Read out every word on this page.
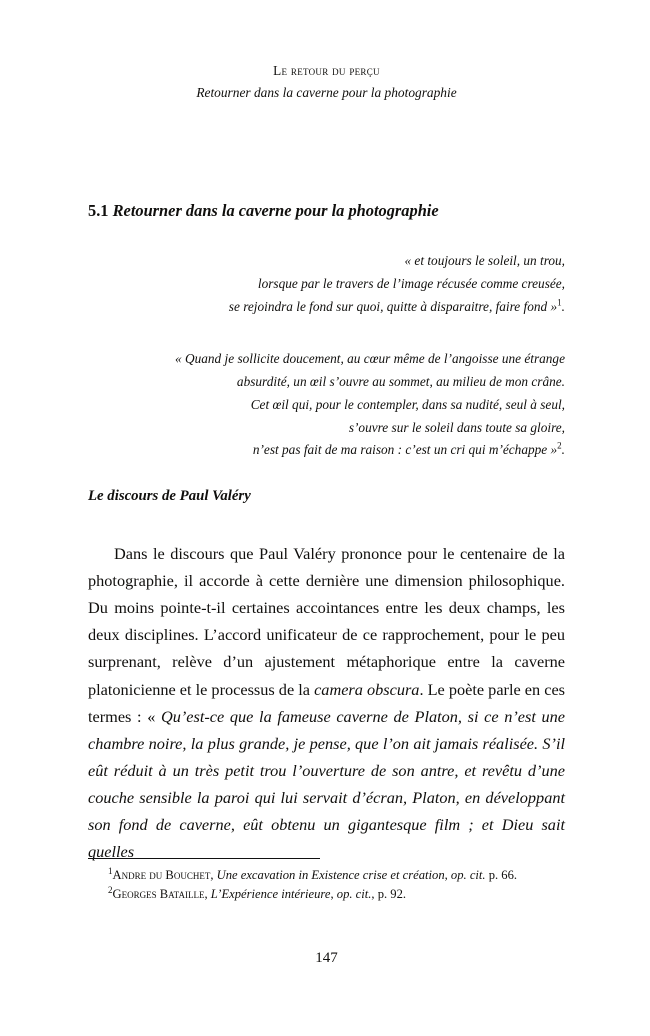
Le retour du perçu
Retourner dans la caverne pour la photographie
5.1 Retourner dans la caverne pour la photographie
« et toujours le soleil, un trou,
lorsque par le travers de l’image récusée comme creusée,
se rejoindra le fond sur quoi, quitte à disparaitre, faire fond »$^1$.
« Quand je sollicite doucement, au cœur même de l’angoisse une étrange
absurdité, un œil s’ouvre au sommet, au milieu de mon crâne.
Cet œil qui, pour le contempler, dans sa nudité, seul à seul,
s’ouvre sur le soleil dans toute sa gloire,
n’est pas fait de ma raison : c’est un cri qui m’échappe »$^2$.
Le discours de Paul Valéry

Dans le discours que Paul Valéry prononce pour le centenaire de la photographie, il accorde à cette dernière une dimension philosophique. Du moins pointe-t-il certaines accointances entre les deux champs, les deux disciplines. L’accord unificateur de ce rapprochement, pour le peu surprenant, relève d’un ajustement métaphorique entre la caverne platonicienne et le processus de la camera obscura. Le poète parle en ces termes : « Qu’est-ce que la fameuse caverne de Platon, si ce n’est une chambre noire, la plus grande, je pense, que l’on ait jamais réalisée. S’il eût réduit à un très petit trou l’ouverture de son antre, et revêtu d’une couche sensible la paroi qui lui servait d’écran, Platon, en développant son fond de caverne, eût obtenu un gigantesque film ; et Dieu sait quelles

$^1$Andre du Bouchet, Une excavation in Existence crise et création, op. cit. p. 66.
$^2$Georges Bataille, L’Expérience intérieure, op. cit., p. 92.
147
